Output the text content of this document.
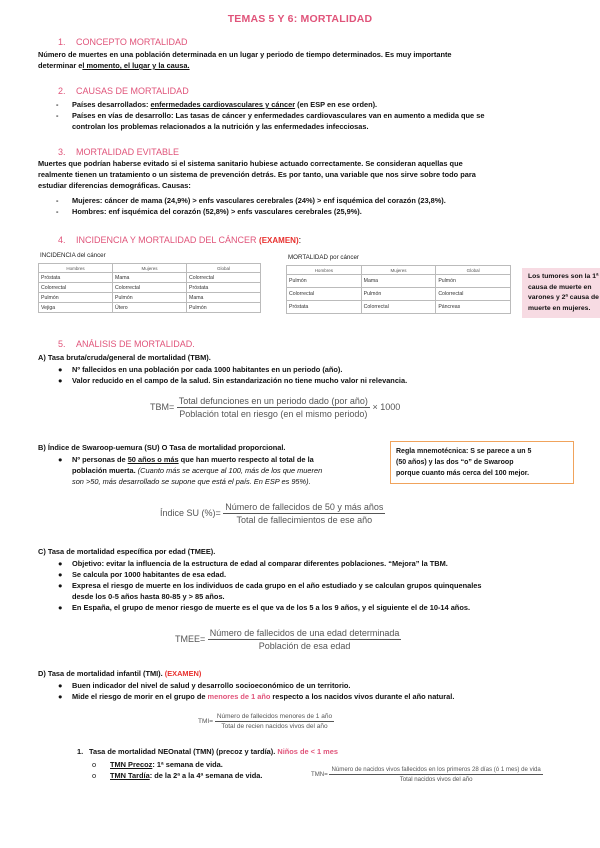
TEMAS 5 Y 6: MORTALIDAD
1. CONCEPTO MORTALIDAD
Número de muertes en una población determinada en un lugar y periodo de tiempo determinados. Es muy importante
determinar el momento, el lugar y la causa.
2. CAUSAS DE MORTALIDAD
- Países desarrollados: enfermedades cardiovasculares y cáncer (en ESP en ese orden).
- Países en vías de desarrollo: Las tasas de cáncer y enfermedades cardiovasculares van en aumento a medida que se
controlan los problemas relacionados a la nutrición y las enfermedades infecciosas.
3. MORTALIDAD EVITABLE
Muertes que podrían haberse evitado si el sistema sanitario hubiese actuado correctamente. Se consideran aquellas que
realmente tienen un tratamiento o un sistema de prevención detrás. Es por tanto, una variable que nos sirve sobre todo para
estudiar diferencias demográficas. Causas:
- Mujeres: cáncer de mama (24,9%) > enfs vasculares cerebrales (24%) > enf isquémica del corazón (23,8%).
- Hombres: enf isquémica del corazón (52,8%) > enfs vasculares cerebrales (25,9%).
4. INCIDENCIA Y MORTALIDAD DEL CÁNCER (EXAMEN):
INCIDENCIA del cáncer
Hombres	Mujeres	Global
Próstata	Mama	Colorrectal
Colorrectal	Colorrectal	Próstata
Pulmón	Pulmón	Mama
Vejiga	Útero	Pulmón
MORTALIDAD por cáncer
Hombres	Mujeres	Global
Pulmón	Mama	Pulmón
Colorrectal	Pulmón	Colorrectal
Próstata	Colorrectal	Páncreas
Los tumores son la 1ª
causa de muerte en
varones y 2ª causa de
muerte en mujeres.
5. ANÁLISIS DE MORTALIDAD.
A) Tasa bruta/cruda/general de mortalidad (TBM).
● Nº fallecidos en una población por cada 1000 habitantes en un periodo (año).
● Valor reducido en el campo de la salud. Sin estandarización no tiene mucho valor ni relevancia.
$TBM= \frac{\text{Total defunciones en un periodo dado (por año)}}{\text{Población total en riesgo (en el mismo periodo)}} \times 1000$
B) Índice de Swaroop-uemura (SU) O Tasa de mortalidad proporcional.
● Nº personas de 50 años o más que han muerto respecto al total de la
población muerta. (Cuanto más se acerque al 100, más de los que mueren
son >50, más desarrollado se supone que está el país. En ESP es 95%).
Regla mnemotécnica: S se parece a un 5
(50 años) y las dos “o” de Swaroop
porque cuanto más cerca del 100 mejor.
Índice SU (%)= $\frac{\text{Número de fallecidos de 50 y más años}}{\text{Total de fallecimientos de ese año}}$
C) Tasa de mortalidad específica por edad (TMEE).
● Objetivo: evitar la influencia de la estructura de edad al comparar diferentes poblaciones. “Mejora” la TBM.
● Se calcula por 1000 habitantes de esa edad.
● Expresa el riesgo de muerte en los individuos de cada grupo en el año estudiado y se calculan grupos quinquenales
desde los 0-5 años hasta 80-85 y > 85 años.
● En España, el grupo de menor riesgo de muerte es el que va de los 5 a los 9 años, y el siguiente el de 10-14 años.
TMEE= $\frac{\text{Número de fallecidos de una edad determinada}}{\text{Población de esa edad}}$
D) Tasa de mortalidad infantil (TMI). (EXAMEN)
● Buen indicador del nivel de salud y desarrollo socioeconómico de un territorio.
● Mide el riesgo de morir en el grupo de menores de 1 año respecto a los nacidos vivos durante el año natural.
$TMI= \frac{\text{Número de fallecidos menores de 1 año}}{\text{Total de recien nacidos vivos del año}}$
1. Tasa de mortalidad NEOnatal (TMN) (precoz y tardía). Niños de < 1 mes
o TMN Precoz: 1ª semana de vida.
o TMN Tardía: de la 2ª a la 4ª semana de vida.	TMN=
Número de nacidos vivos fallecidos en los primeros 28 días (ó 1 mes) de vida
Total nacidos vivos del año
